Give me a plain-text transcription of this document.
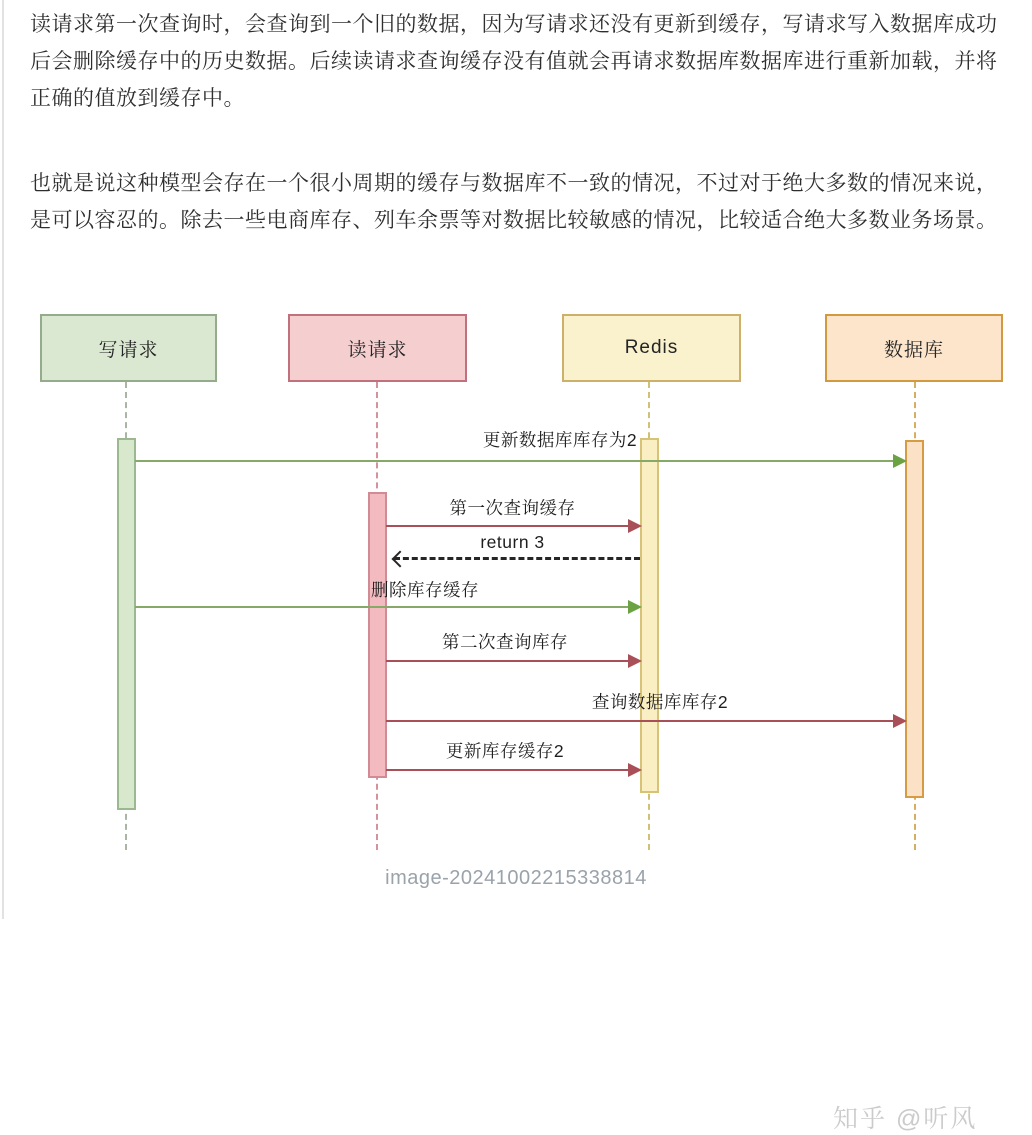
读请求第一次查询时，会查询到一个旧的数据，因为写请求还没有更新到缓存，写请求写入数据库成功后会删除缓存中的历史数据。后续读请求查询缓存没有值就会再请求数据库数据库进行重新加载，并将正确的值放到缓存中。

也就是说这种模型会存在一个很小周期的缓存与数据库不一致的情况，不过对于绝大多数的情况来说，是可以容忍的。除去一些电商库存、列车余票等对数据比较敏感的情况，比较适合绝大多数业务场景。

写请求	读请求	Redis	数据库
更新数据库库存为2
第一次查询缓存
return 3
删除库存缓存
第二次查询库存
查询数据库库存2
更新库存缓存2
知乎 @听风
image-20241002215338814
